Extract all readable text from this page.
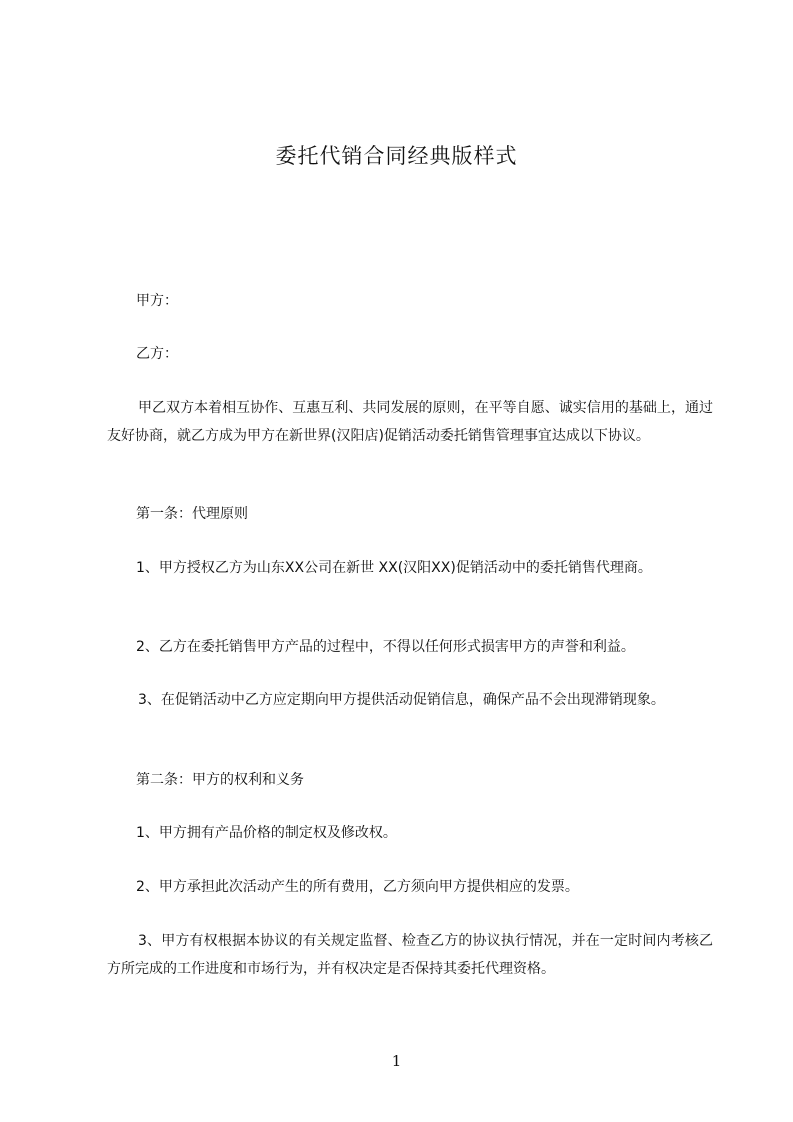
委托代销合同经典版样式

甲方：

乙方：

甲乙双方本着相互协作、互惠互利、共同发展的原则，在平等自愿、诚实信用的基础上，通过友好协商，就乙方成为甲方在新世界(汉阳店)促销活动委托销售管理事宜达成以下协议。

第一条：代理原则

1、甲方授权乙方为山东XX公司在新世 XX(汉阳XX)促销活动中的委托销售代理商。

2、乙方在委托销售甲方产品的过程中，不得以任何形式损害甲方的声誉和利益。

3、在促销活动中乙方应定期向甲方提供活动促销信息，确保产品不会出现滞销现象。

第二条：甲方的权利和义务

1、甲方拥有产品价格的制定权及修改权。

2、甲方承担此次活动产生的所有费用，乙方须向甲方提供相应的发票。

3、甲方有权根据本协议的有关规定监督、检查乙方的协议执行情况，并在一定时间内考核乙方所完成的工作进度和市场行为，并有权决定是否保持其委托代理资格。

1
